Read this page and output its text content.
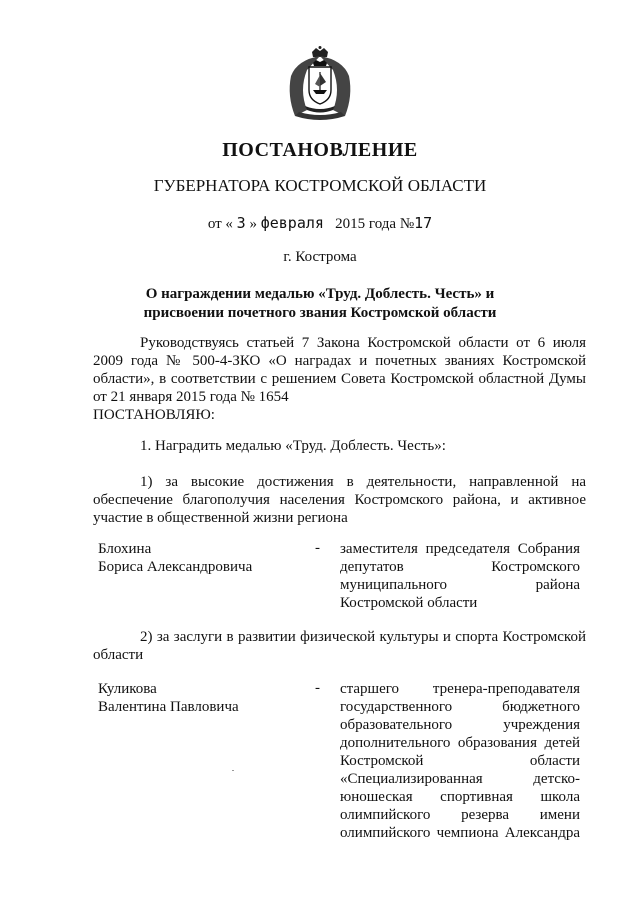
ПОСТАНОВЛЕНИЕ
ГУБЕРНАТОРА КОСТРОМСКОЙ ОБЛАСТИ
от « 3 » февраля 2015 года №17
г. Кострома
О награждении медалью «Труд. Доблесть. Честь» и
присвоении почетного звания Костромской области
Руководствуясь статьей 7 Закона Костромской области от 6 июля 2009 года № 500-4-ЗКО «О наградах и почетных званиях Костромской области», в соответствии с решением Совета Костромской областной Думы от 21 января 2015 года № 1654
ПОСТАНОВЛЯЮ:
1. Наградить медалью «Труд. Доблесть. Честь»:
1) за высокие достижения в деятельности, направленной на обеспечение благополучия населения Костромского района, и активное участие в общественной жизни региона
Блохина
Бориса Александровича
- заместителя председателя Собрания
депутатов Костромского
муниципального района
Костромской области
2) за заслуги в развитии физической культуры и спорта Костромской области
Куликова
Валентина Павловича
- старшего тренера-преподавателя
государственного бюджетного
образовательного учреждения
дополнительного образования детей
Костромской области
«Специализированная детско-
юношеская спортивная школа
олимпийского резерва имени
олимпийского чемпиона Александра
